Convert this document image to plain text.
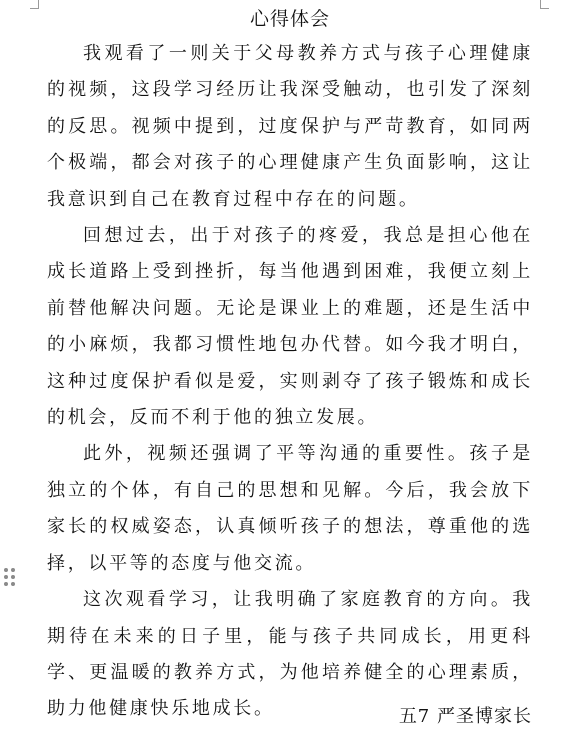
心得体会

我观看了一则关于父母教养方式与孩子心理健康的视频，这段学习经历让我深受触动，也引发了深刻的反思。视频中提到，过度保护与严苛教育，如同两个极端，都会对孩子的心理健康产生负面影响，这让我意识到自己在教育过程中存在的问题。

回想过去，出于对孩子的疼爱，我总是担心他在成长道路上受到挫折，每当他遇到困难，我便立刻上前替他解决问题。无论是课业上的难题，还是生活中的小麻烦，我都习惯性地包办代替。如今我才明白，这种过度保护看似是爱，实则剥夺了孩子锻炼和成长的机会，反而不利于他的独立发展。

此外，视频还强调了平等沟通的重要性。孩子是独立的个体，有自己的思想和见解。今后，我会放下家长的权威姿态，认真倾听孩子的想法，尊重他的选择，以平等的态度与他交流。

这次观看学习，让我明确了家庭教育的方向。我期待在未来的日子里，能与孩子共同成长，用更科学、更温暖的教养方式，为他培养健全的心理素质，助力他健康快乐地成长。	五7 严圣博家长
